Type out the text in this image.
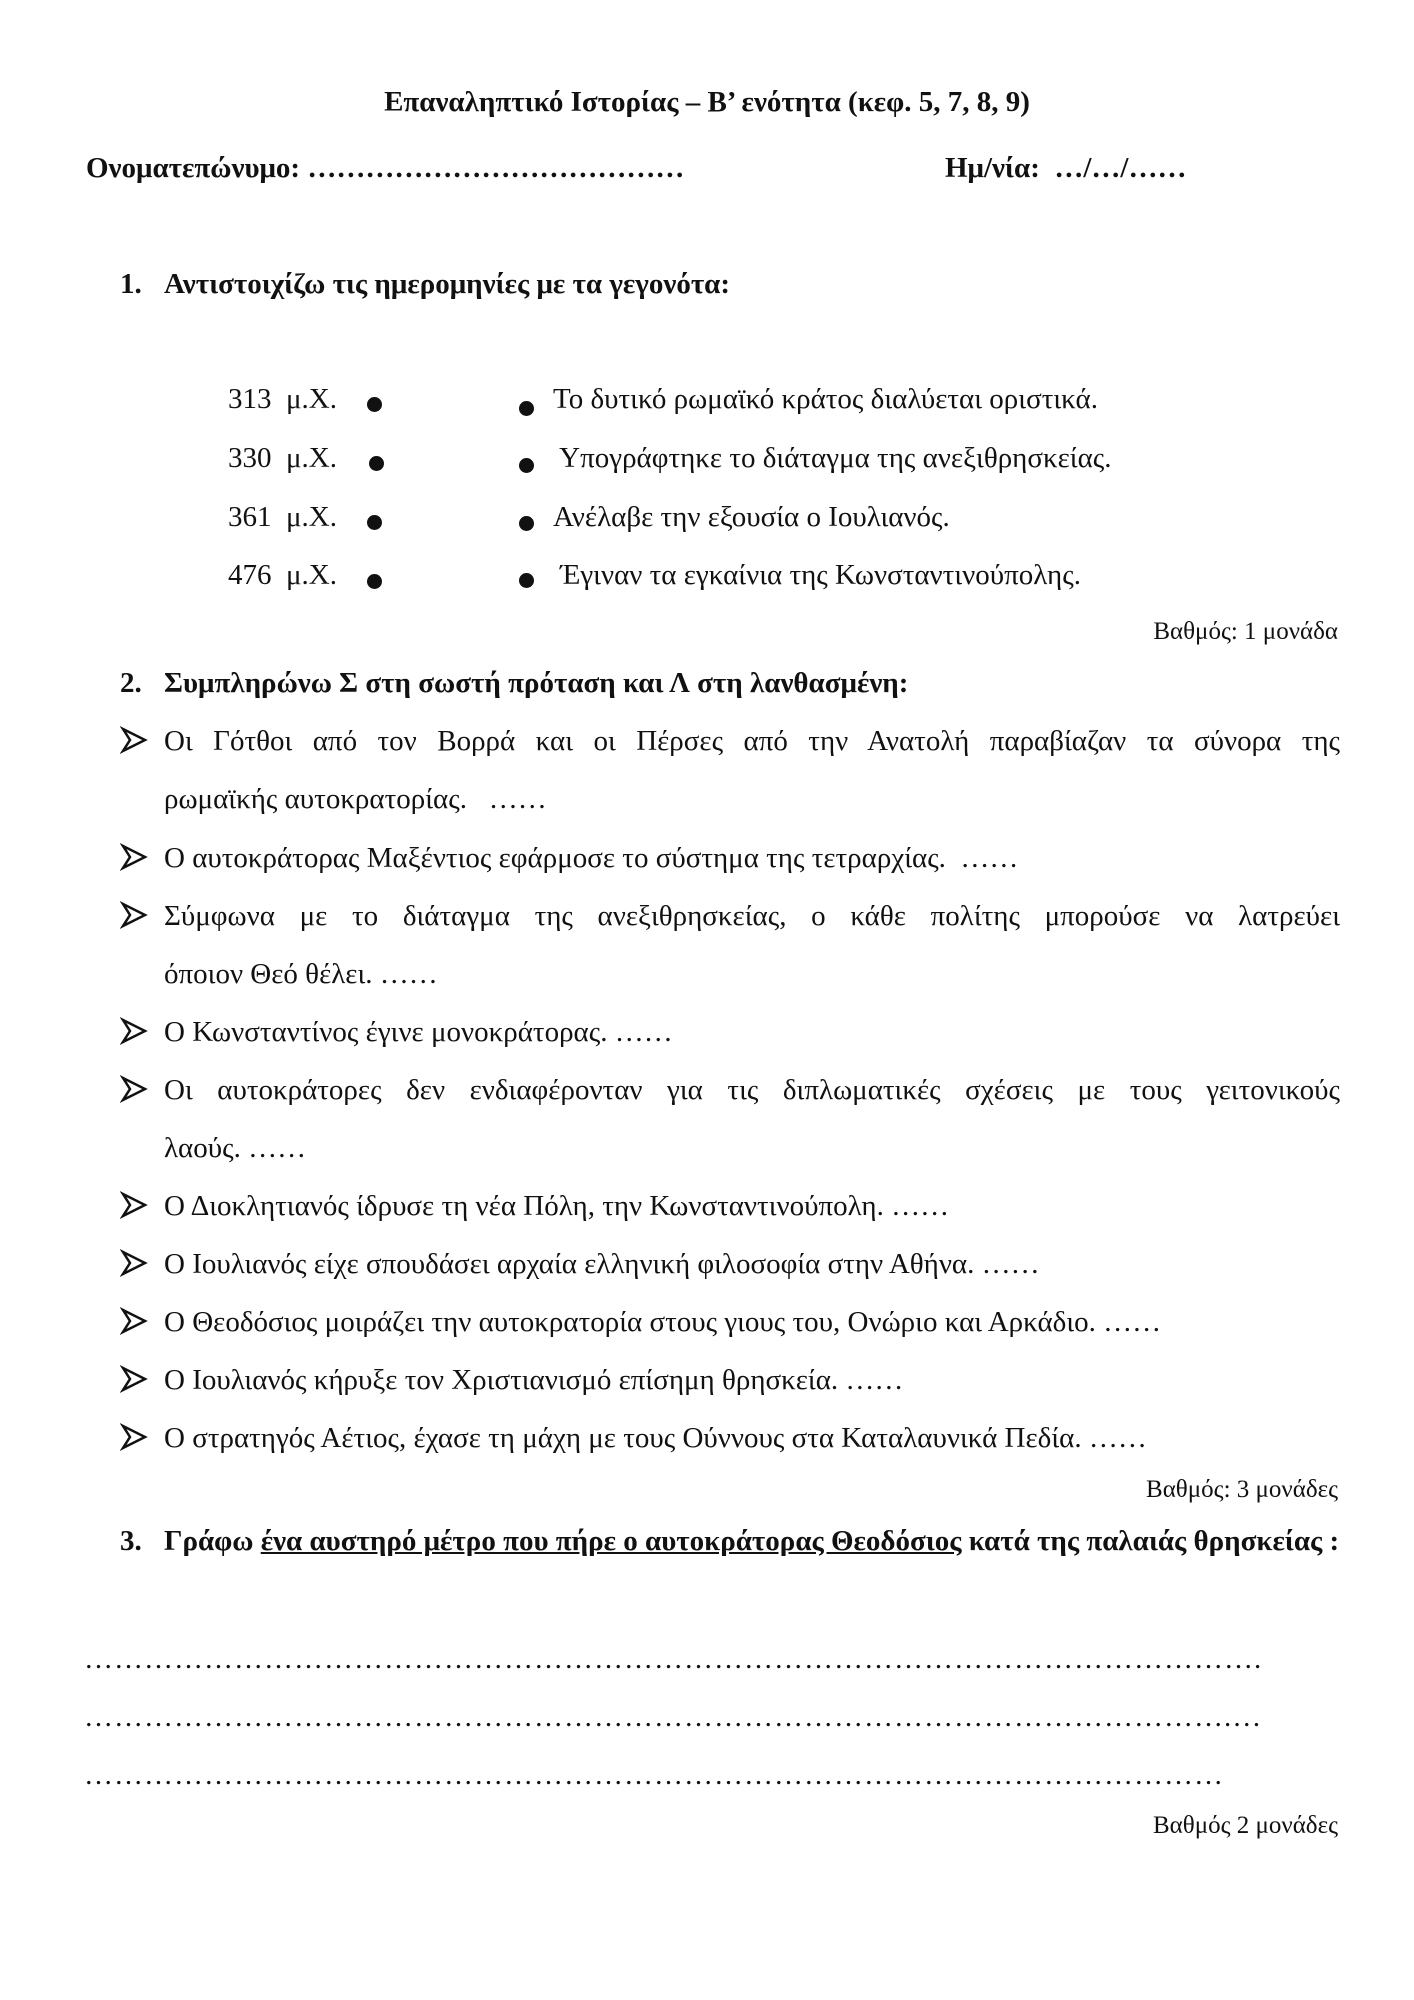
Επαναληπτικό Ιστορίας – Β’ ενότητα (κεφ. 5, 7, 8, 9)
Ονοματεπώνυμο: …………………………………	Ημ/νία:  …/…/……
1. Αντιστοιχίζω τις ημερομηνίες με τα γεγονότα:
313  μ.Χ.
330  μ.Χ.
361  μ.Χ.
476  μ.Χ.
Το δυτικό ρωμαϊκό κράτος διαλύεται οριστικά.
Υπογράφτηκε το διάταγμα της ανεξιθρησκείας.
Ανέλαβε την εξουσία ο Ιουλιανός.
Έγιναν τα εγκαίνια της Κωνσταντινούπολης.
Βαθμός: 1 μονάδα
2. Συμπληρώνω Σ στη σωστή πρόταση και Λ στη λανθασμένη:
Οι Γότθοι από τον Βορρά και οι Πέρσες από την Ανατολή παραβίαζαν τα σύνορα της
ρωμαϊκής αυτοκρατορίας.   ……
Ο αυτοκράτορας Μαξέντιος εφάρμοσε το σύστημα της τετραρχίας.  ……
Σύμφωνα με το διάταγμα της ανεξιθρησκείας, ο κάθε πολίτης μπορούσε να λατρεύει
όποιον Θεό θέλει. ……
Ο Κωνσταντίνος έγινε μονοκράτορας. ……
Οι αυτοκράτορες δεν ενδιαφέρονταν για τις διπλωματικές σχέσεις με τους γειτονικούς
λαούς. ……
Ο Διοκλητιανός ίδρυσε τη νέα Πόλη, την Κωνσταντινούπολη. ……
Ο Ιουλιανός είχε σπουδάσει αρχαία ελληνική φιλοσοφία στην Αθήνα. ……
Ο Θεοδόσιος μοιράζει την αυτοκρατορία στους γιους του, Ονώριο και Αρκάδιο. ……
Ο Ιουλιανός κήρυξε τον Χριστιανισμό επίσημη θρησκεία. ……
Ο στρατηγός Αέτιος, έχασε τη μάχη με τους Ούννους στα Καταλαυνικά Πεδία. ……
Βαθμός: 3 μονάδες
3. Γράφω ένα αυστηρό μέτρο που πήρε ο αυτοκράτορας Θεοδόσιος κατά της παλαιάς θρησκείας :
……………………………………………………………………………………………………….
…………………………………………………………………………………………………….…
……………………………………………………………………………………………………
Βαθμός 2 μονάδες
